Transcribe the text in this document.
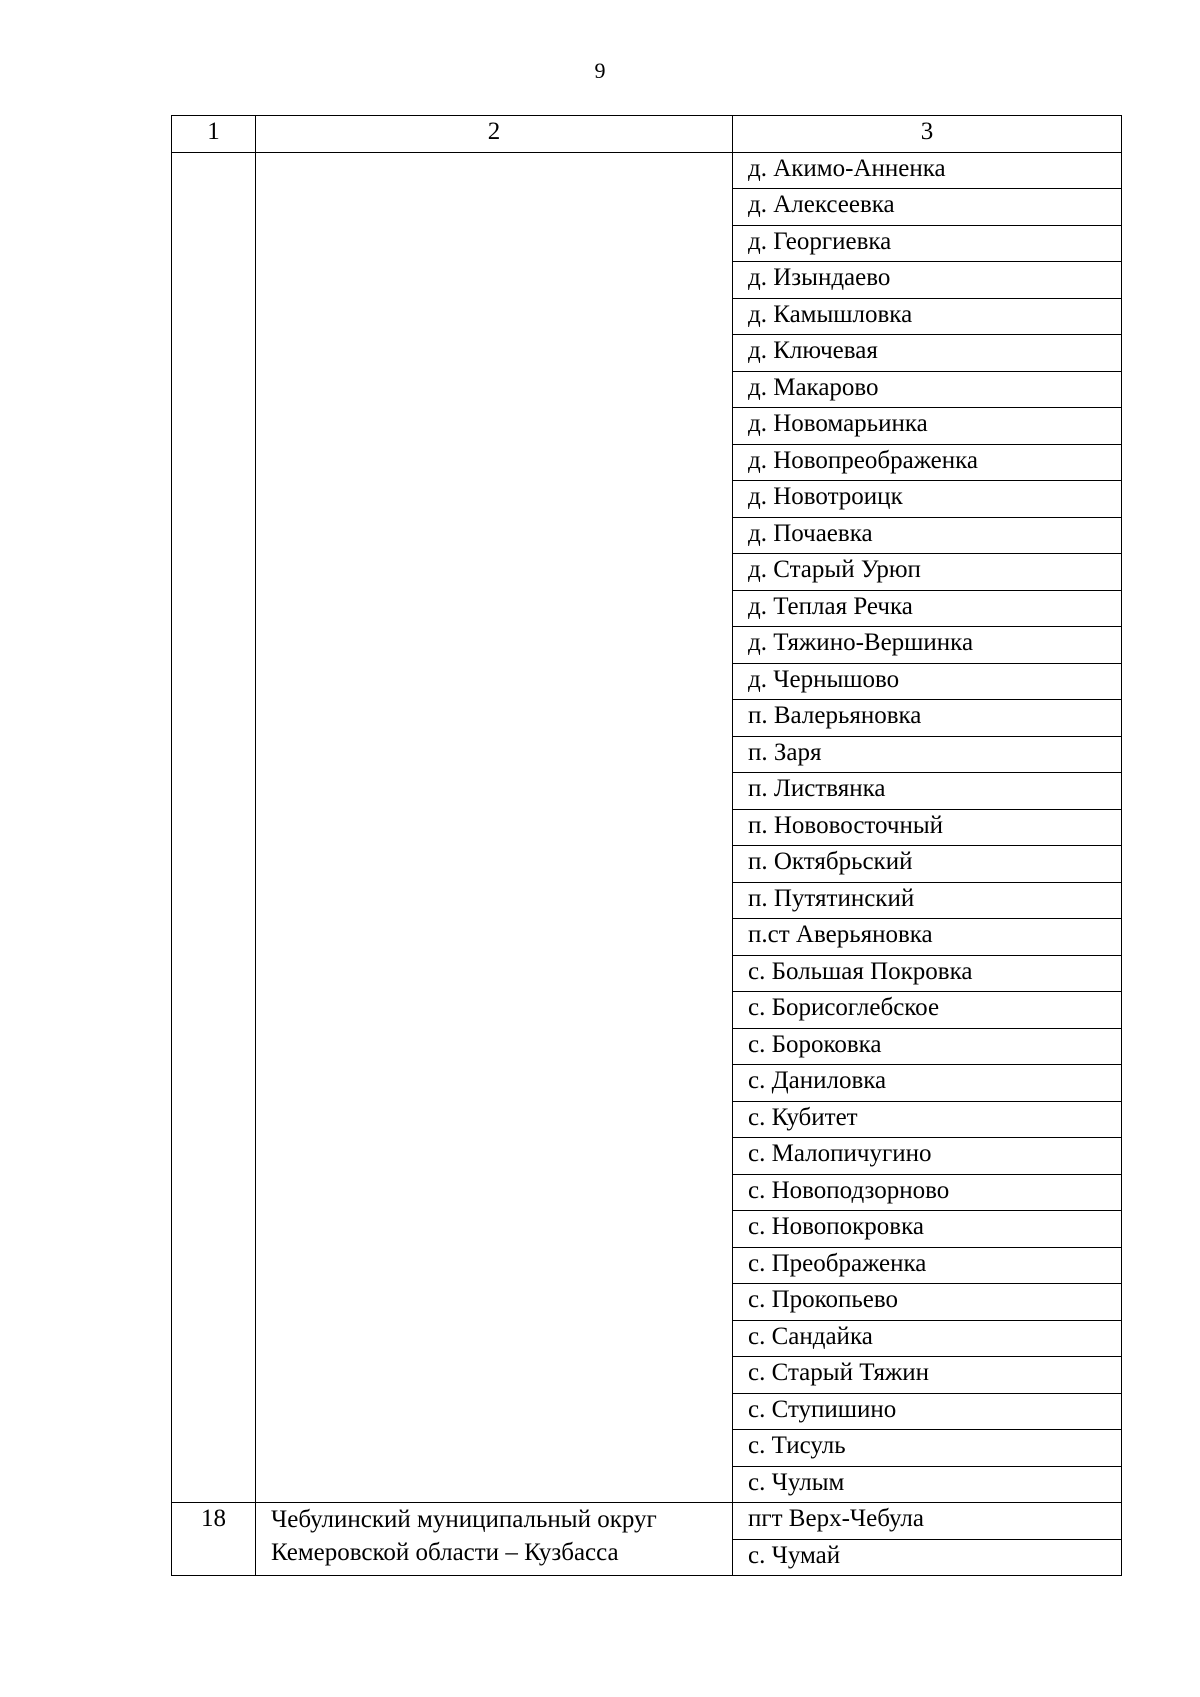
9
1	2	3
		д. Акимо-Анненка
		д. Алексеевка
		д. Георгиевка
		д. Изындаево
		д. Камышловка
		д. Ключевая
		д. Макарово
		д. Новомарьинка
		д. Новопреображенка
		д. Новотроицк
		д. Почаевка
		д. Старый Урюп
		д. Теплая Речка
		д. Тяжино-Вершинка
		д. Чернышово
		п. Валерьяновка
		п. Заря
		п. Листвянка
		п. Нововосточный
		п. Октябрьский
		п. Путятинский
		п.ст Аверьяновка
		с. Большая Покровка
		с. Борисоглебское
		с. Бороковка
		с. Даниловка
		с. Кубитет
		с. Малопичугино
		с. Новоподзорново
		с. Новопокровка
		с. Преображенка
		с. Прокопьево
		с. Сандайка
		с. Старый Тяжин
		с. Ступишино
		с. Тисуль
		с. Чулым
18	Чебулинский муниципальный округ Кемеровской области – Кузбасса	пгт Верх-Чебула
		с. Чумай
